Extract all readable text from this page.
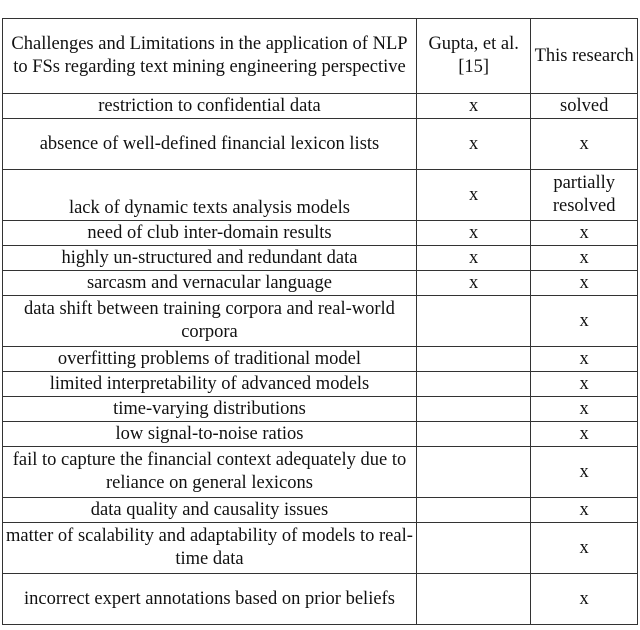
Challenges and Limitations in the application of NLP to FSs regarding text mining engineering perspective	Gupta, et al. [15]	This research
restriction to confidential data	x	solved
absence of well-defined financial lexicon lists	x	x
lack of dynamic texts analysis models	x	partially resolved
need of club inter-domain results	x	x
highly un-structured and redundant data	x	x
sarcasm and vernacular language	x	x
data shift between training corpora and real-world corpora		x
overfitting problems of traditional model		x
limited interpretability of advanced models		x
time-varying distributions		x
low signal-to-noise ratios		x
fail to capture the financial context adequately due to reliance on general lexicons		x
data quality and causality issues		x
matter of scalability and adaptability of models to real-time data		x
incorrect expert annotations based on prior beliefs		x
